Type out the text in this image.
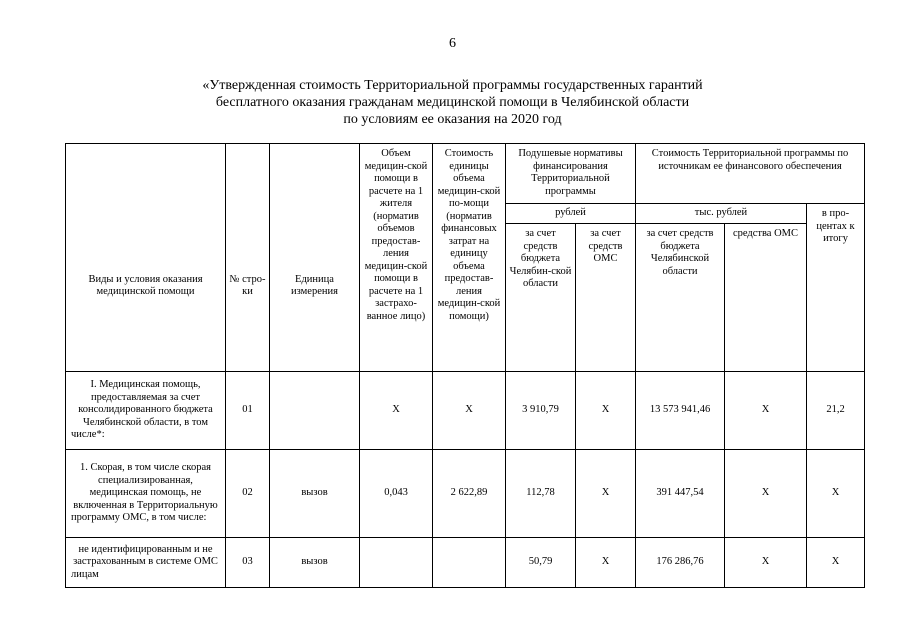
6
«Утвержденная стоимость Территориальной программы государственных гарантий
бесплатного оказания гражданам медицинской помощи в Челябинской области
по условиям ее оказания на 2020 год
Виды и условия оказания медицинской помощи	№ стро-ки	Единица измерения	Объем медицин-ской помощи в расчете на 1 жителя (норматив объемов предостав-ления медицин-ской помощи в расчете на 1 застрахо-ванное лицо)	Стоимость единицы объема медицин-ской по-мощи (норматив финансовых затрат на единицу объема предостав-ления медицин-ской помощи)	Подушевые нормативы финансирования Территориальной программы		Стоимость Территориальной программы по источникам ее финансового обеспечения		
					рублей		тыс. рублей		в про-центах к итогу
					за счет средств бюджета Челябин-ской области	за счет средств ОМС	за счет средств бюджета Челябинской области	средства ОМС	
I. Медицинская помощь, предоставляемая за счет консолидированного бюджета Челябинской области, в том числе*:	01		X	X	3 910,79	X	13 573 941,46	X	21,2
1. Скорая, в том числе скорая специализированная, медицинская помощь, не включенная в Территориальную программу ОМС, в том числе:	02	вызов	0,043	2 622,89	112,78	X	391 447,54	X	X
не идентифицированным и не застрахованным в системе ОМС лицам	03	вызов			50,79	X	176 286,76	X	X
